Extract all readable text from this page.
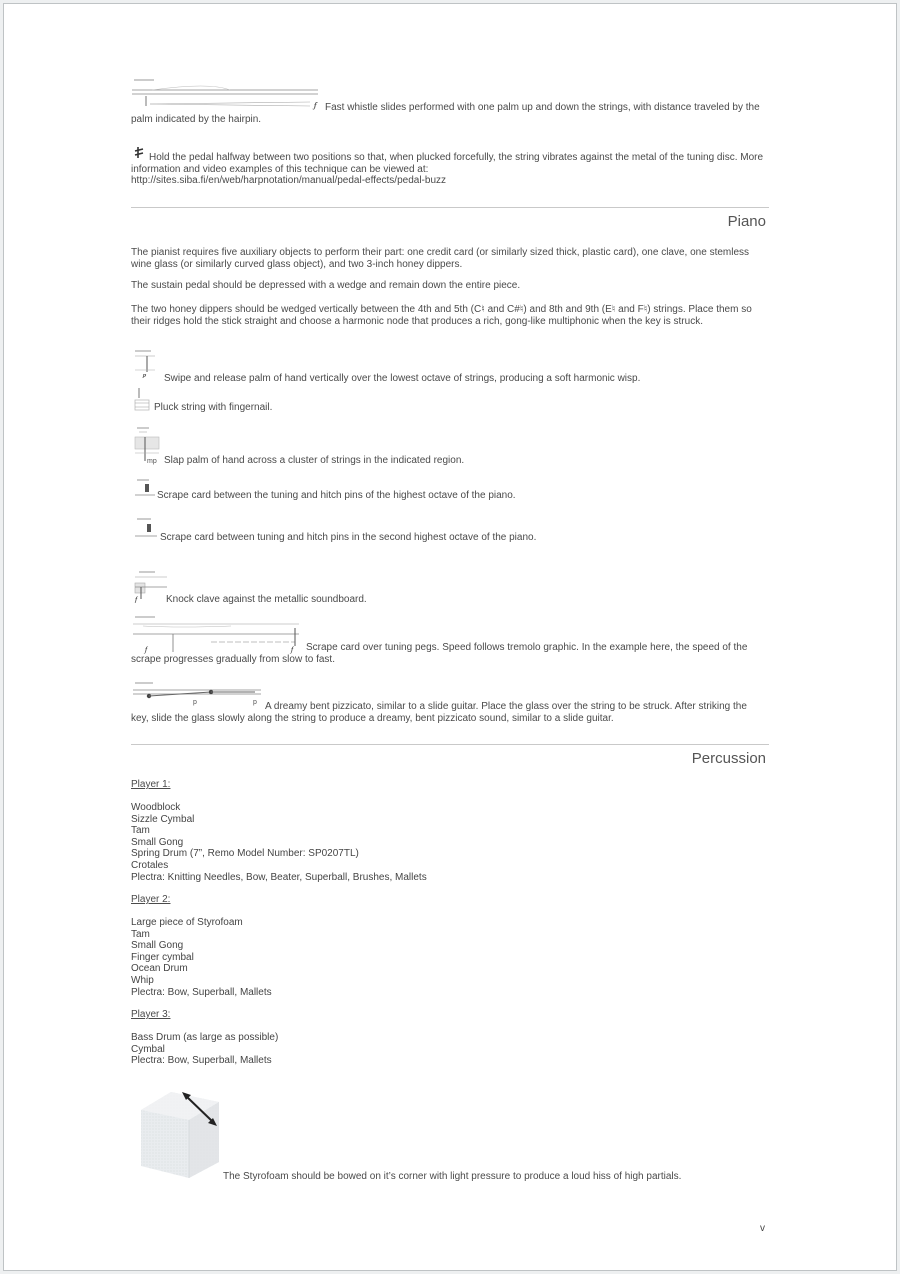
𝆑 Fast whistle slides performed with one palm up and down the strings, with distance traveled by the palm indicated by the hairpin.
Hold the pedal halfway between two positions so that, when plucked forcefully, the string vibrates against the metal of the tuning disc. More information and video examples of this technique can be viewed at:
http://sites.siba.fi/en/web/harpnotation/manual/pedal-effects/pedal-buzz
Piano
The pianist requires five auxiliary objects to perform their part: one credit card (or similarly sized thick, plastic card), one clave, one stemless wine glass (or similarly curved glass object), and two 3-inch honey dippers.
The sustain pedal should be depressed with a wedge and remain down the entire piece.
The two honey dippers should be wedged vertically between the 4th and 5th (C♮ and C#♮) and 8th and 9th (E♮ and F♮) strings. Place them so their ridges hold the stick straight and choose a harmonic node that produces a rich, gong-like multiphonic when the key is struck.
𝆏 Swipe and release palm of hand vertically over the lowest octave of strings, producing a soft harmonic wisp.
Pluck string with fingernail.
mp Slap palm of hand across a cluster of strings in the indicated region.
Scrape card between the tuning and hitch pins of the highest octave of the piano.
Scrape card between tuning and hitch pins in the second highest octave of the piano.
𝆑	Knock clave against the metallic soundboard.
𝆑	𝆑	Scrape card over tuning pegs. Speed follows tremolo graphic. In the example here, the speed of the scrape progresses gradually from slow to fast.
p	p A dreamy bent pizzicato, similar to a slide guitar. Place the glass over the string to be struck. After striking the key, slide the glass slowly along the string to produce a dreamy, bent pizzicato sound, similar to a slide guitar.
Percussion
Player 1:
Woodblock
Sizzle Cymbal
Tam
Small Gong
Spring Drum (7”, Remo Model Number: SP0207TL)
Crotales
Plectra: Knitting Needles, Bow, Beater, Superball, Brushes, Mallets
Player 2:
Large piece of Styrofoam
Tam
Small Gong
Finger cymbal
Ocean Drum
Whip
Plectra: Bow, Superball, Mallets
Player 3:
Bass Drum (as large as possible)
Cymbal
Plectra: Bow, Superball, Mallets
The Styrofoam should be bowed on it’s corner with light pressure to produce a loud hiss of high partials.
v
